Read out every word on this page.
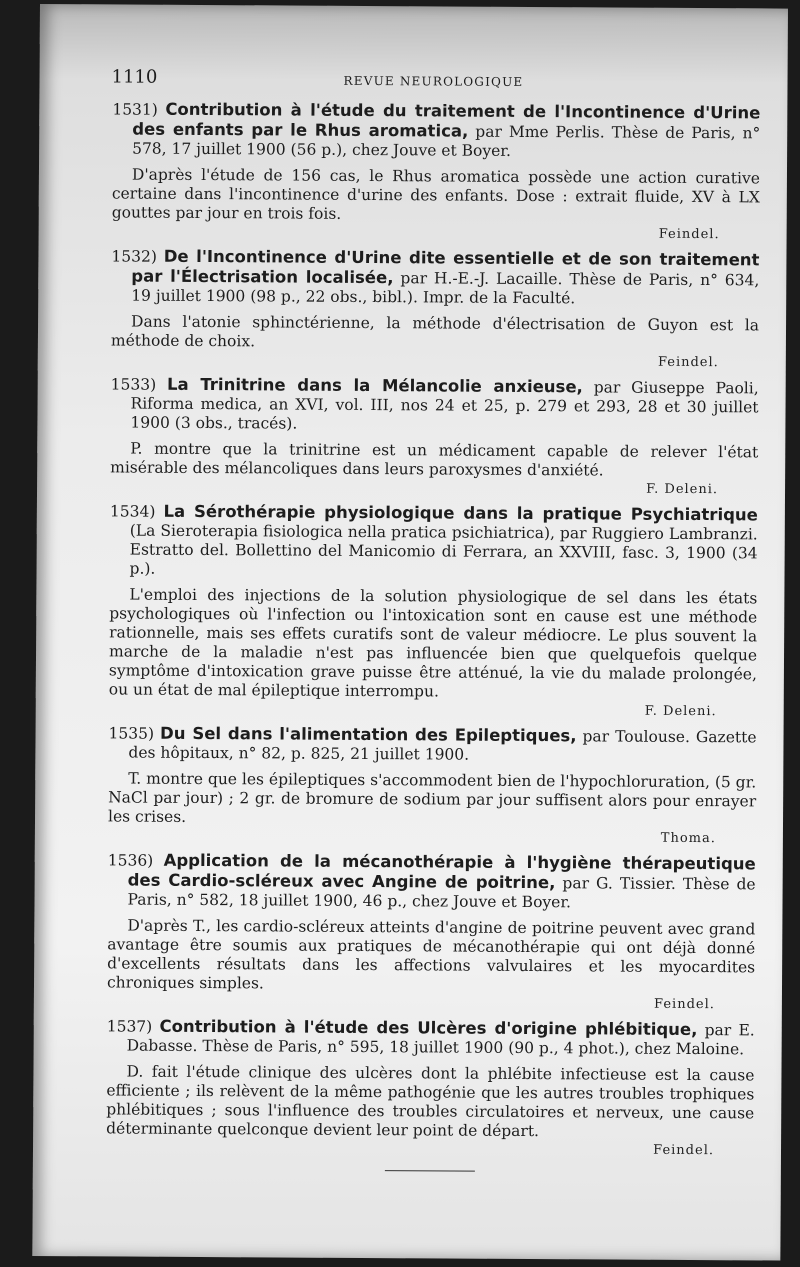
1110	REVUE NEUROLOGIQUE
1531) Contribution à l'étude du traitement de l'Incontinence d'Urine des enfants par le Rhus aromatica, par Mme Perlis. Thèse de Paris, n° 578, 17 juillet 1900 (56 p.), chez Jouve et Boyer.
D'après l'étude de 156 cas, le Rhus aromatica possède une action curative certaine dans l'incontinence d'urine des enfants. Dose : extrait fluide, XV à LX gouttes par jour en trois fois.
Feindel.
1532) De l'Incontinence d'Urine dite essentielle et de son traitement par l'Électrisation localisée, par H.-E.-J. Lacaille. Thèse de Paris, n° 634, 19 juillet 1900 (98 p., 22 obs., bibl.). Impr. de la Faculté.
Dans l'atonie sphinctérienne, la méthode d'électrisation de Guyon est la méthode de choix.
Feindel.
1533) La Trinitrine dans la Mélancolie anxieuse, par Giuseppe Paoli, Riforma medica, an XVI, vol. III, nos 24 et 25, p. 279 et 293, 28 et 30 juillet 1900 (3 obs., tracés).
P. montre que la trinitrine est un médicament capable de relever l'état misérable des mélancoliques dans leurs paroxysmes d'anxiété.
F. Deleni.
1534) La Sérothérapie physiologique dans la pratique Psychiatrique (La Sieroterapia fisiologica nella pratica psichiatrica), par Ruggiero Lambranzi. Estratto del. Bollettino del Manicomio di Ferrara, an XXVIII, fasc. 3, 1900 (34 p.).
L'emploi des injections de la solution physiologique de sel dans les états psychologiques où l'infection ou l'intoxication sont en cause est une méthode rationnelle, mais ses effets curatifs sont de valeur médiocre. Le plus souvent la marche de la maladie n'est pas influencée bien que quelquefois quelque symptôme d'intoxication grave puisse être atténué, la vie du malade prolongée, ou un état de mal épileptique interrompu.
F. Deleni.
1535) Du Sel dans l'alimentation des Epileptiques, par Toulouse. Gazette des hôpitaux, n° 82, p. 825, 21 juillet 1900.
T. montre que les épileptiques s'accommodent bien de l'hypochloruration, (5 gr. NaCl par jour) ; 2 gr. de bromure de sodium par jour suffisent alors pour enrayer les crises.
Thoma.
1536) Application de la mécanothérapie à l'hygiène thérapeutique des Cardio-scléreux avec Angine de poitrine, par G. Tissier. Thèse de Paris, n° 582, 18 juillet 1900, 46 p., chez Jouve et Boyer.
D'après T., les cardio-scléreux atteints d'angine de poitrine peuvent avec grand avantage être soumis aux pratiques de mécanothérapie qui ont déjà donné d'excellents résultats dans les affections valvulaires et les myocardites chroniques simples.
Feindel.
1537) Contribution à l'étude des Ulcères d'origine phlébitique, par E. Dabasse. Thèse de Paris, n° 595, 18 juillet 1900 (90 p., 4 phot.), chez Maloine.
D. fait l'étude clinique des ulcères dont la phlébite infectieuse est la cause efficiente ; ils relèvent de la même pathogénie que les autres troubles trophiques phlébitiques ; sous l'influence des troubles circulatoires et nerveux, une cause déterminante quelconque devient leur point de départ.
Feindel.
